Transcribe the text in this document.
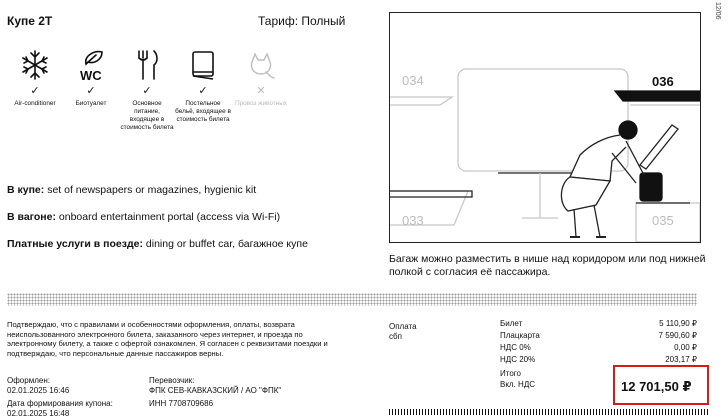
Купе 2Т	Тариф: Полный
✓
Air-conditioner
WC
✓
Биотуалет
✓
Основное питание, входящее в стоимость билета
✓
Постельное бельё, входящее в стоимость билета
✕
Провоз животных
В купе: set of newspapers or magazines, hygienic kit
В вагоне: onboard entertainment portal (access via Wi-Fi)
Платные услуги в поезде: dining or buffet car, багажное купе
034	036
033	035
Багаж можно разместить в нише над коридором или под нижней полкой с согласия её пассажира.
Подтверждаю, что с правилами и особенностями оформления, оплаты, возврата неиспользованного электронного билета, заказанного через интернет, и проезда по электронному билету, а также с офертой ознакомлен. Я согласен с реквизитами поездки и подтверждаю, что персональные данные пассажиров верны.
Оформлен:
02.01.2025 16:46
Дата формирования купона:
02.01.2025 16:48
Перевозчик:
ФПК СЕВ-КАВКАЗСКИЙ / АО "ФПК"
ИНН 7708709686
Оплата
сбп
Билет	5 110,90 ₽
Плацкарта	7 590,60 ₽
НДС 0%	0,00 ₽
НДС 20%	203,17 ₽
Итого
Вкл. НДС	12 701,50 ₽
12/06
